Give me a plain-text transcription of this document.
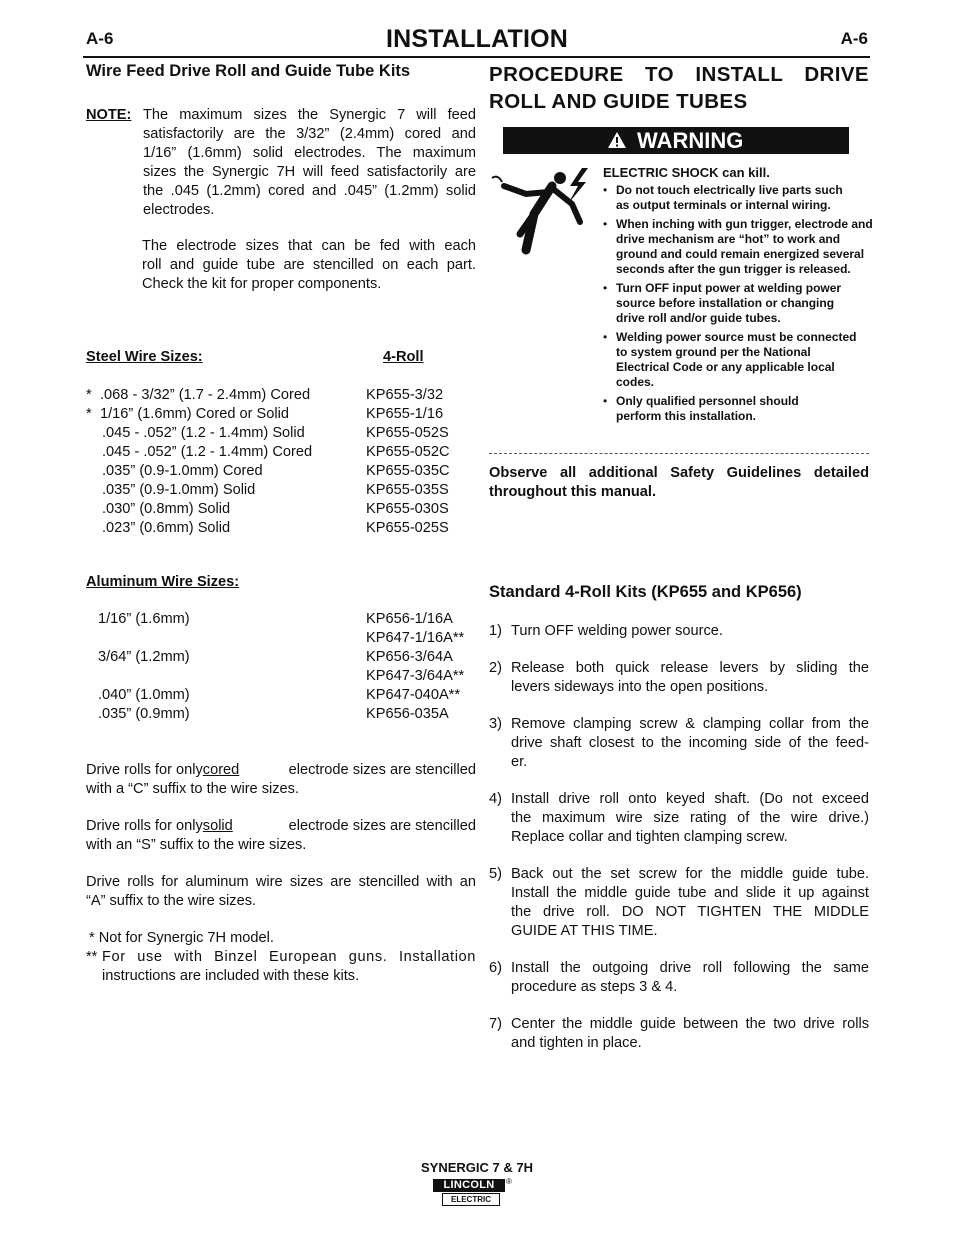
A-6	INSTALLATION	A-6
Wire Feed Drive Roll and Guide Tube Kits
NOTE: The maximum sizes the Synergic 7 will feed
satisfactorily are the 3/32” (2.4mm) cored and
1/16” (1.6mm) solid electrodes. The maximum
sizes the Synergic 7H will feed satisfactorily are
the .045 (1.2mm) cored and .045” (1.2mm) solid
electrodes.
The electrode sizes that can be fed with each
roll and guide tube are stencilled on each part.
Check the kit for proper components.
Steel Wire Sizes:	4-Roll
* .068 - 3/32” (1.7 - 2.4mm) Cored	KP655-3/32
* 1/16” (1.6mm) Cored or Solid	KP655-1/16
.045 - .052” (1.2 - 1.4mm) Solid	KP655-052S
.045 - .052” (1.2 - 1.4mm) Cored	KP655-052C
.035” (0.9-1.0mm) Cored	KP655-035C
.035” (0.9-1.0mm) Solid	KP655-035S
.030” (0.8mm) Solid	KP655-030S
.023” (0.6mm) Solid	KP655-025S
Aluminum Wire Sizes:
1/16” (1.6mm)	KP656-1/16A
KP647-1/16A**
3/64” (1.2mm)	KP656-3/64A
KP647-3/64A**
.040” (1.0mm)	KP647-040A**
.035” (0.9mm)	KP656-035A
Drive rolls for only cored	electrode sizes are stencilled
with a “C” suffix to the wire sizes.
Drive rolls for only solid	electrode sizes are stencilled
with an “S” suffix to the wire sizes.
Drive rolls for aluminum wire sizes are stencilled with an
“A” suffix to the wire sizes.
* Not for Synergic 7H model.
** For use with Binzel European guns. Installation
instructions are included with these kits.
PROCEDURE TO INSTALL DRIVE
ROLL AND GUIDE TUBES
WARNING
ELECTRIC SHOCK can kill.
• Do not touch electrically live parts such
as output terminals or internal wiring.
• When inching with gun trigger, electrode and
drive mechanism are “hot” to work and
ground and could remain energized several
seconds after the gun trigger is released.
• Turn OFF input power at welding power
source before installation or changing
drive roll and/or guide tubes.
• Welding power source must be connected
to system ground per the National
Electrical Code or any applicable local
codes.
• Only qualified personnel should
perform this installation.
Observe all additional Safety Guidelines detailed
throughout this manual.
Standard 4-Roll Kits (KP655 and KP656)
1) Turn OFF welding power source.
2) Release both quick release levers by sliding the
levers sideways into the open positions.
3) Remove clamping screw & clamping collar from the
drive shaft closest to the incoming side of the feed-
er.
4) Install drive roll onto keyed shaft. (Do not exceed
the maximum wire size rating of the wire drive.)
Replace collar and tighten clamping screw.
5) Back out the set screw for the middle guide tube.
Install the middle guide tube and slide it up against
the drive roll. DO NOT TIGHTEN THE MIDDLE
GUIDE AT THIS TIME.
6) Install the outgoing drive roll following the same
procedure as steps 3 & 4.
7) Center the middle guide between the two drive rolls
and tighten in place.
SYNERGIC 7 & 7H
LINCOLN	®
ELECTRIC
